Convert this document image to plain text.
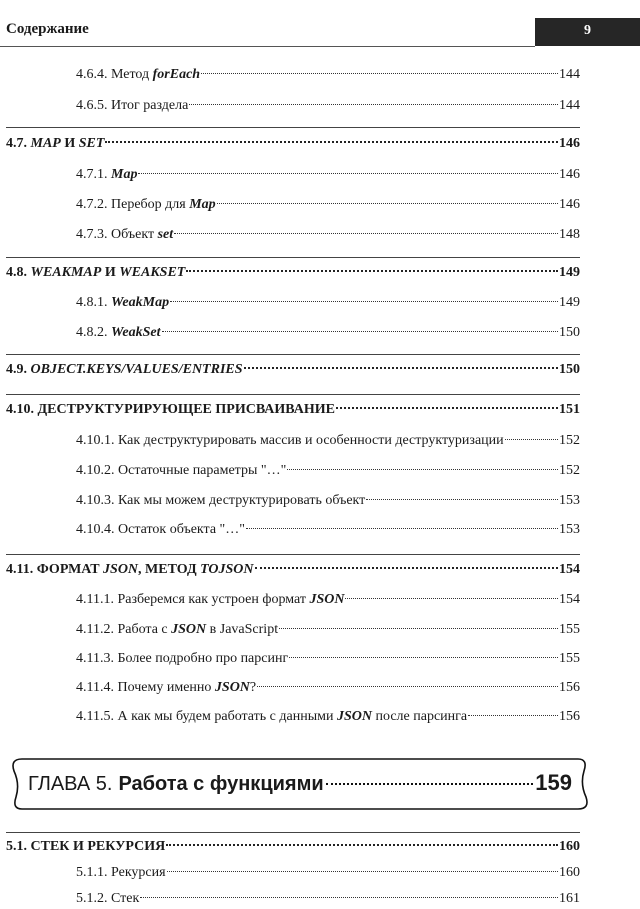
Содержание	9
4.6.4. Метод forEach	144
4.6.5. Итог раздела	144
4.7. MAP И SET	146
4.7.1. Map	146
4.7.2. Перебор для Map	146
4.7.3. Объект set	148
4.8. WEAKMAP И WEAKSET	149
4.8.1. WeakMap	149
4.8.2. WeakSet	150
4.9. OBJECT.KEYS/VALUES/ENTRIES	150
4.10. ДЕСТРУКТУРИРУЮЩЕЕ ПРИСВАИВАНИЕ	151
4.10.1. Как деструктурировать массив и особенности деструктуризации	152
4.10.2. Остаточные параметры "…"	152
4.10.3. Как мы можем деструктурировать объект	153
4.10.4. Остаток объекта "…"	153
4.11. ФОРМАТ JSON, МЕТОД TOJSON	154
4.11.1. Разберемся как устроен формат JSON	154
4.11.2. Работа с JSON в JavaScript	155
4.11.3. Более подробно про парсинг	155
4.11.4. Почему именно JSON?	156
4.11.5. А как мы будем работать с данными JSON после парсинга	156
ГЛАВА 5. Работа с функциями	159
5.1. СТЕК И РЕКУРСИЯ	160
5.1.1. Рекурсия	160
5.1.2. Стек	161
